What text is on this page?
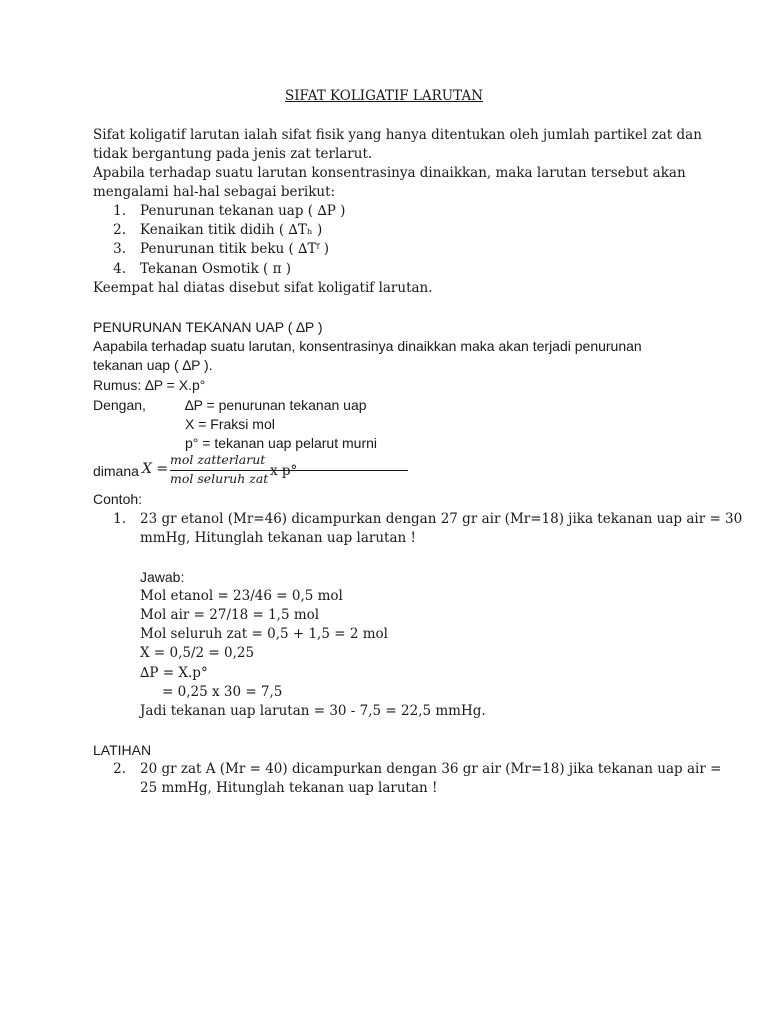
SIFAT KOLIGATIF LARUTAN
Sifat koligatif larutan ialah sifat fisik yang hanya ditentukan oleh jumlah partikel zat dan
tidak bergantung pada jenis zat terlarut.
Apabila terhadap suatu larutan konsentrasinya dinaikkan, maka larutan tersebut akan
mengalami hal-hal sebagai berikut:
1. Penurunan tekanan uap ( ∆P )
2. Kenaikan titik didih ( ∆Tₕ )
3. Penurunan titik beku ( ∆Tᶠ )
4. Tekanan Osmotik ( π )
Keempat hal diatas disebut sifat koligatif larutan.
PENURUNAN TEKANAN UAP ( ∆P )
Aapabila terhadap suatu larutan, konsentrasinya dinaikkan maka akan terjadi penurunan
tekanan uap ( ∆P ).
Rumus: ∆P = X.p°
Dengan,	∆P = penurunan tekanan uap
X = Fraksi mol
p° = tekanan uap pelarut murni
dimana X =
mol zatterlarut
mol seluruh zat x p°
Contoh:
1. 23 gr etanol (Mr=46) dicampurkan dengan 27 gr air (Mr=18) jika tekanan uap air = 30
mmHg, Hitunglah tekanan uap larutan !
Jawab:
Mol etanol = 23/46 = 0,5 mol
Mol air = 27/18 = 1,5 mol
Mol seluruh zat = 0,5 + 1,5 = 2 mol
X = 0,5/2 = 0,25
∆P = X.p°
= 0,25 x 30 = 7,5
Jadi tekanan uap larutan = 30 - 7,5 = 22,5 mmHg.
LATIHAN
2. 20 gr zat A (Mr = 40) dicampurkan dengan 36 gr air (Mr=18) jika tekanan uap air =
25 mmHg, Hitunglah tekanan uap larutan !
